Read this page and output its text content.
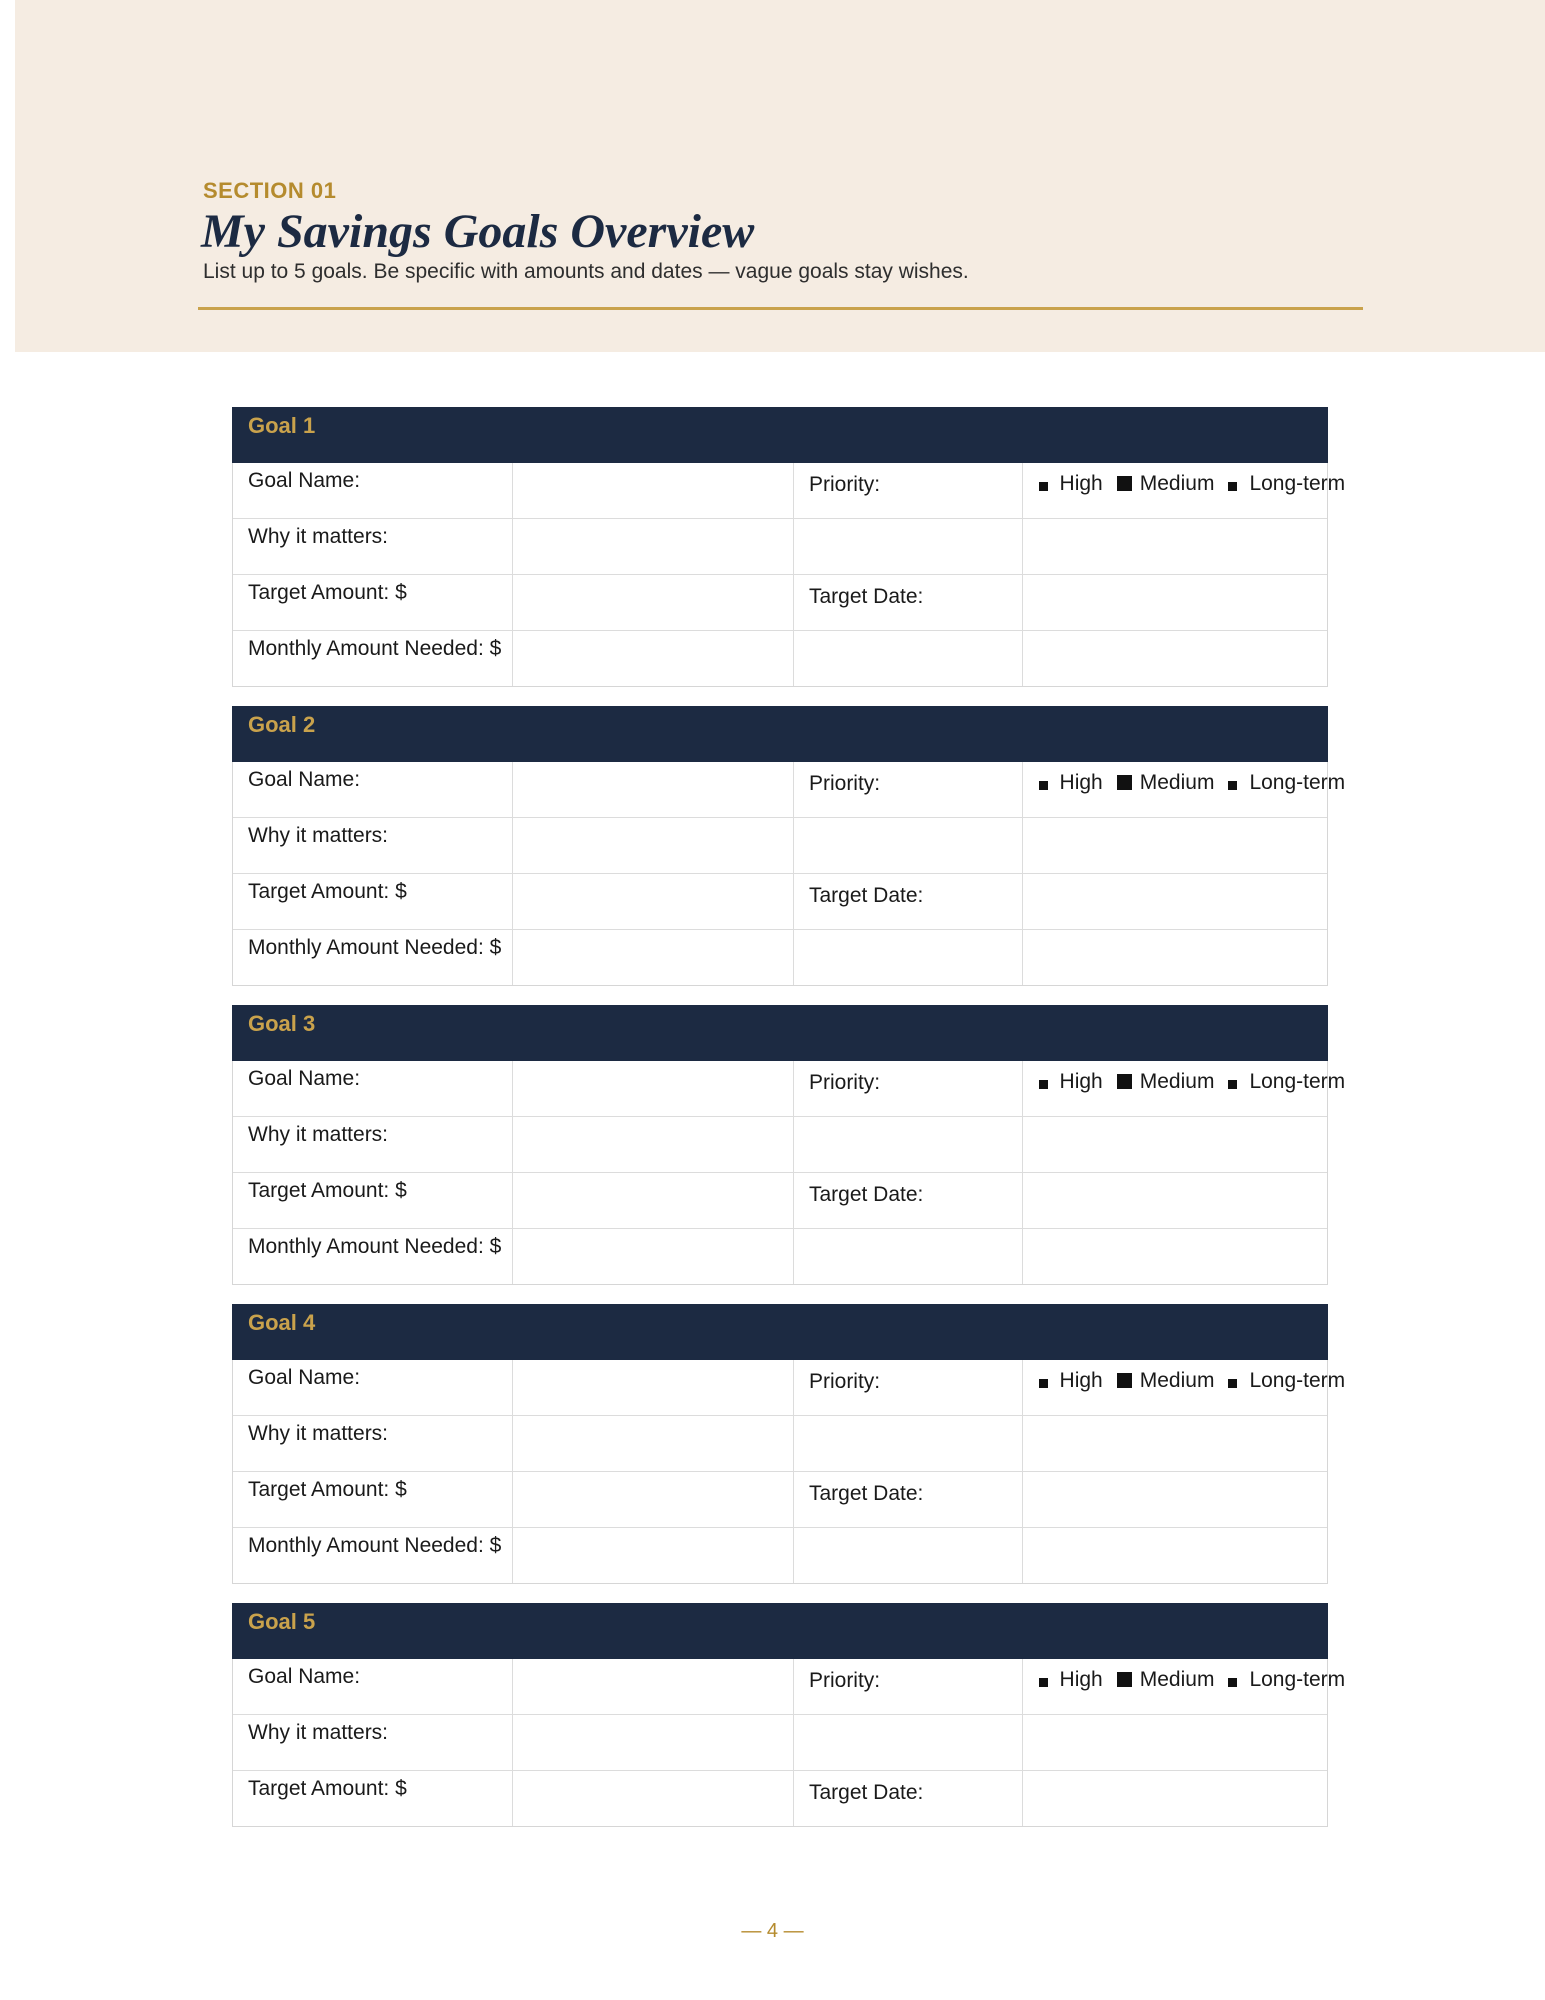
SECTION 01
My Savings Goals Overview
List up to 5 goals. Be specific with amounts and dates — vague goals stay wishes.
Goal 1
Goal Name:	Priority:	High Medium Long-term
Why it matters:
Target Amount: $	Target Date:
Monthly Amount Needed: $
Goal 2
Goal Name:	Priority:	High Medium Long-term
Why it matters:
Target Amount: $	Target Date:
Monthly Amount Needed: $
Goal 3
Goal Name:	Priority:	High Medium Long-term
Why it matters:
Target Amount: $	Target Date:
Monthly Amount Needed: $
Goal 4
Goal Name:	Priority:	High Medium Long-term
Why it matters:
Target Amount: $	Target Date:
Monthly Amount Needed: $
Goal 5
Goal Name:	Priority:	High Medium Long-term
Why it matters:
Target Amount: $	Target Date:
— 4 —
